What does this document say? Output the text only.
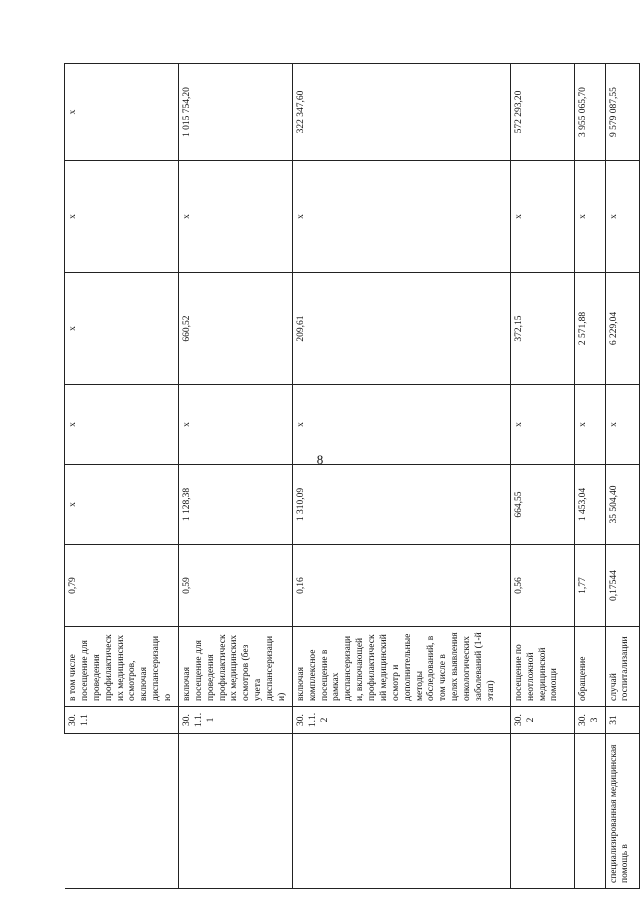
8
	30.1.1	в том числе посещение для проведения профилактических медицинских осмотров, включая диспансеризацию	0,79	х	х	х	х	х
	30.1.1.1	включая посещение для проведения профилактических медицинских осмотров (без учета диспансеризации)	0,59	1 128,38	х	660,52	х	1 015 754,20
	30.1.1.2	включая комплексное посещение в рамках диспансеризации, включающей профилактический медицинский осмотр и дополнительные методы обследований, в том числе в целях выявления онкологических заболеваний (1-й этап)	0,16	1 310,09	х	209,61	х	322 347,60
	30.2	посещение по неотложной медицинской помощи	0,56	664,55	х	372,15	х	572 293,20
	30.3	обращение	1,77	1 453,04	х	2 571,88	х	3 955 065,70
специализированная медицинская помощь в	31	случай госпитализации	0,17544	35 504,40	х	6 229,04	х	9 579 087,55
